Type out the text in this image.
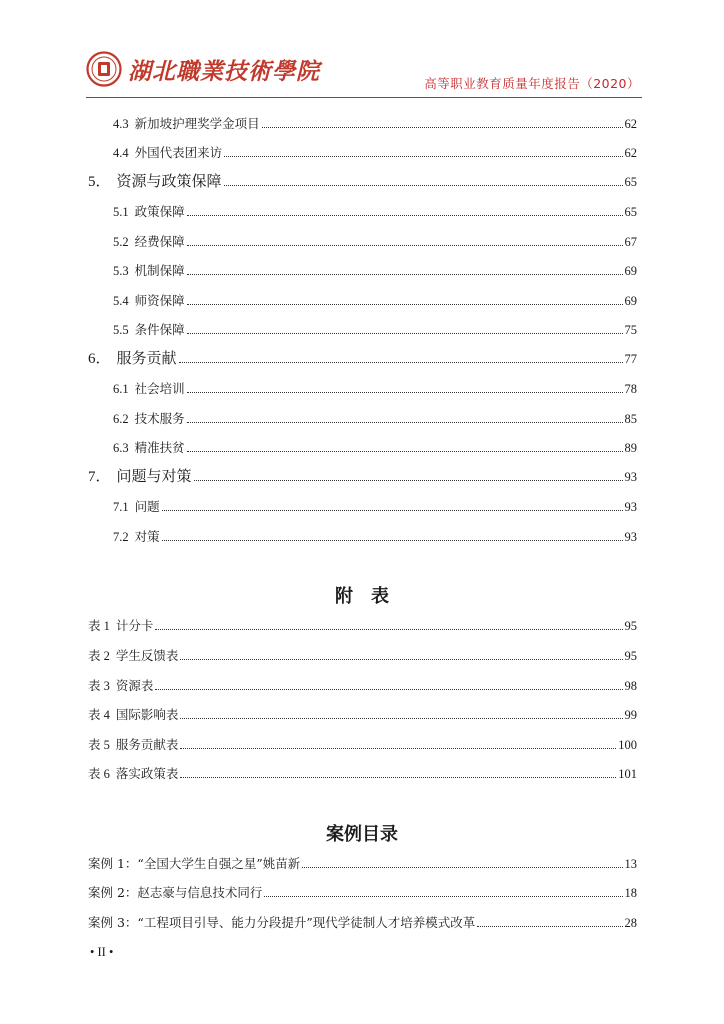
湖北職業技術學院	高等职业教育质量年度报告（2020）
4.3 新加坡护理奖学金项目	62
4.4 外国代表团来访	62
5． 资源与政策保障	65
5.1 政策保障	65
5.2 经费保障	67
5.3 机制保障	69
5.4 师资保障	69
5.5 条件保障	75
6． 服务贡献	77
6.1 社会培训	78
6.2 技术服务	85
6.3 精准扶贫	89
7． 问题与对策	93
7.1 问题	93
7.2 对策	93
附　表
表 1 计分卡	95
表 2 学生反馈表	95
表 3 资源表	98
表 4 国际影响表	99
表 5 服务贡献表	100
表 6 落实政策表	101
案例目录
案例 1：“全国大学生自强之星”姚苗新	13
案例 2：赵志豪与信息技术同行	18
案例 3：“工程项目引导、能力分段提升”现代学徒制人才培养模式改革	28
• II •
